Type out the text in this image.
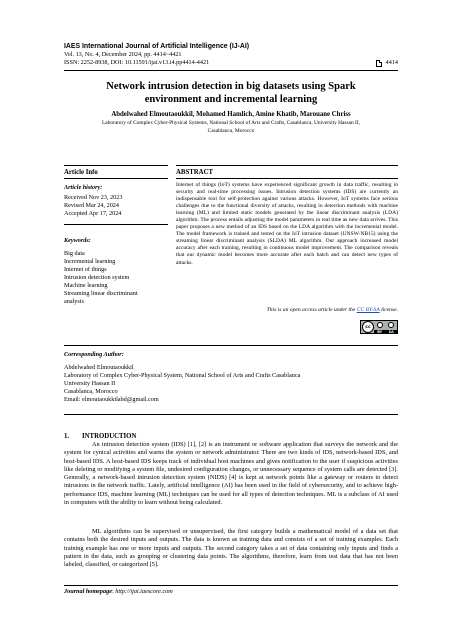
IAES International Journal of Artificial Intelligence (IJ-AI)
Vol. 13, No. 4, December 2024, pp. 4414~4421
ISSN: 2252-8938, DOI: 10.11591/ijai.v13.i4.pp4414-4421	4414
Network intrusion detection in big datasets using Spark
environment and incremental learning
Abdelwahed Elmoutaoukkil, Mohamed Hamlich, Amine Khatib, Marouane Chriss
Laboratory of Complex Cyber-Physical Systems, National School of Arts and Crafts, Casablanca, University Hassan II,
Casablanca, Morocco
Article Info	ABSTRACT
Article history:
Received Nov 23, 2023
Revised Mar 24, 2024
Accepted Apr 17, 2024
Keywords:
Big data
Incremental learning
Internet of things
Intrusion detection system
Machine learning
Streaming linear discriminant
analysis
Internet of things (IoT) systems have experienced significant growth in data traffic, resulting in security and real-time processing issues. Intrusion detection systems (IDS) are currently an indispensable tool for self-protection against various attacks. However, IoT systems face serious challenges due to the functional diversity of attacks, resulting in detection methods with machine learning (ML) and limited static models generated by the linear discriminant analysis (LDA) algorithm. The process entails adjusting the model parameters in real time as new data arrives. This paper proposes a new method of an IDS based on the LDA algorithm with the incremental model. The model framework is trained and tested on the IoT intrusion dataset (UNSW-NB15) using the streaming linear discriminant analysis (SLDA) ML algorithm. Our approach increased model accuracy after each training, resulting in continuous model improvement. The comparison reveals that our dynamic model becomes more accurate after each batch and can detect new types of attacks.
This is an open access article under the CC BY-SA license.
cc
BY SA
Corresponding Author:
Abdelwahed Elmoutaoukkil
Laboratory of Complex Cyber-Physical System, National School of Arts and Crafts Casablanca
University Hassan II
Casablanca, Morocco
Email: elmoutaoukkilabd@gmail.com
1. INTRODUCTION
An intrusion detection system (IDS) [1], [2] is an instrument or software application that surveys the network and the system for cynical activities and warns the system or network administrator. There are two kinds of IDS, network-based IDS, and host-based IDS. A host-based IDS keeps track of individual host machines and gives notification to the user if suspicious activities like deleting or modifying a system file, undesired configuration changes, or unnecessary sequence of system calls are detected [3]. Generally, a network-based intrusion detection system (NIDS) [4] is kept at network points like a gateway or routers to detect intrusions in the network traffic. Lately, artificial intelligence (AI) has been used in the field of cybersecurity, and to achieve high-performance IDS, machine learning (ML) techniques can be used for all types of detection techniques. ML is a subclass of AI used in computers with the ability to learn without being calculated.
ML algorithms can be supervised or unsupervised, the first category builds a mathematical model of a data set that contains both the desired inputs and outputs. The data is known as training data and consists of a set of training examples. Each training example has one or more inputs and outputs. The second category takes a set of data containing only inputs and finds a pattern in the data, such as grouping or clustering data points. The algorithms, therefore, learn from test data that has not been labeled, classified, or categorized [5].
Journal homepage: http://ijai.iaescore.com
